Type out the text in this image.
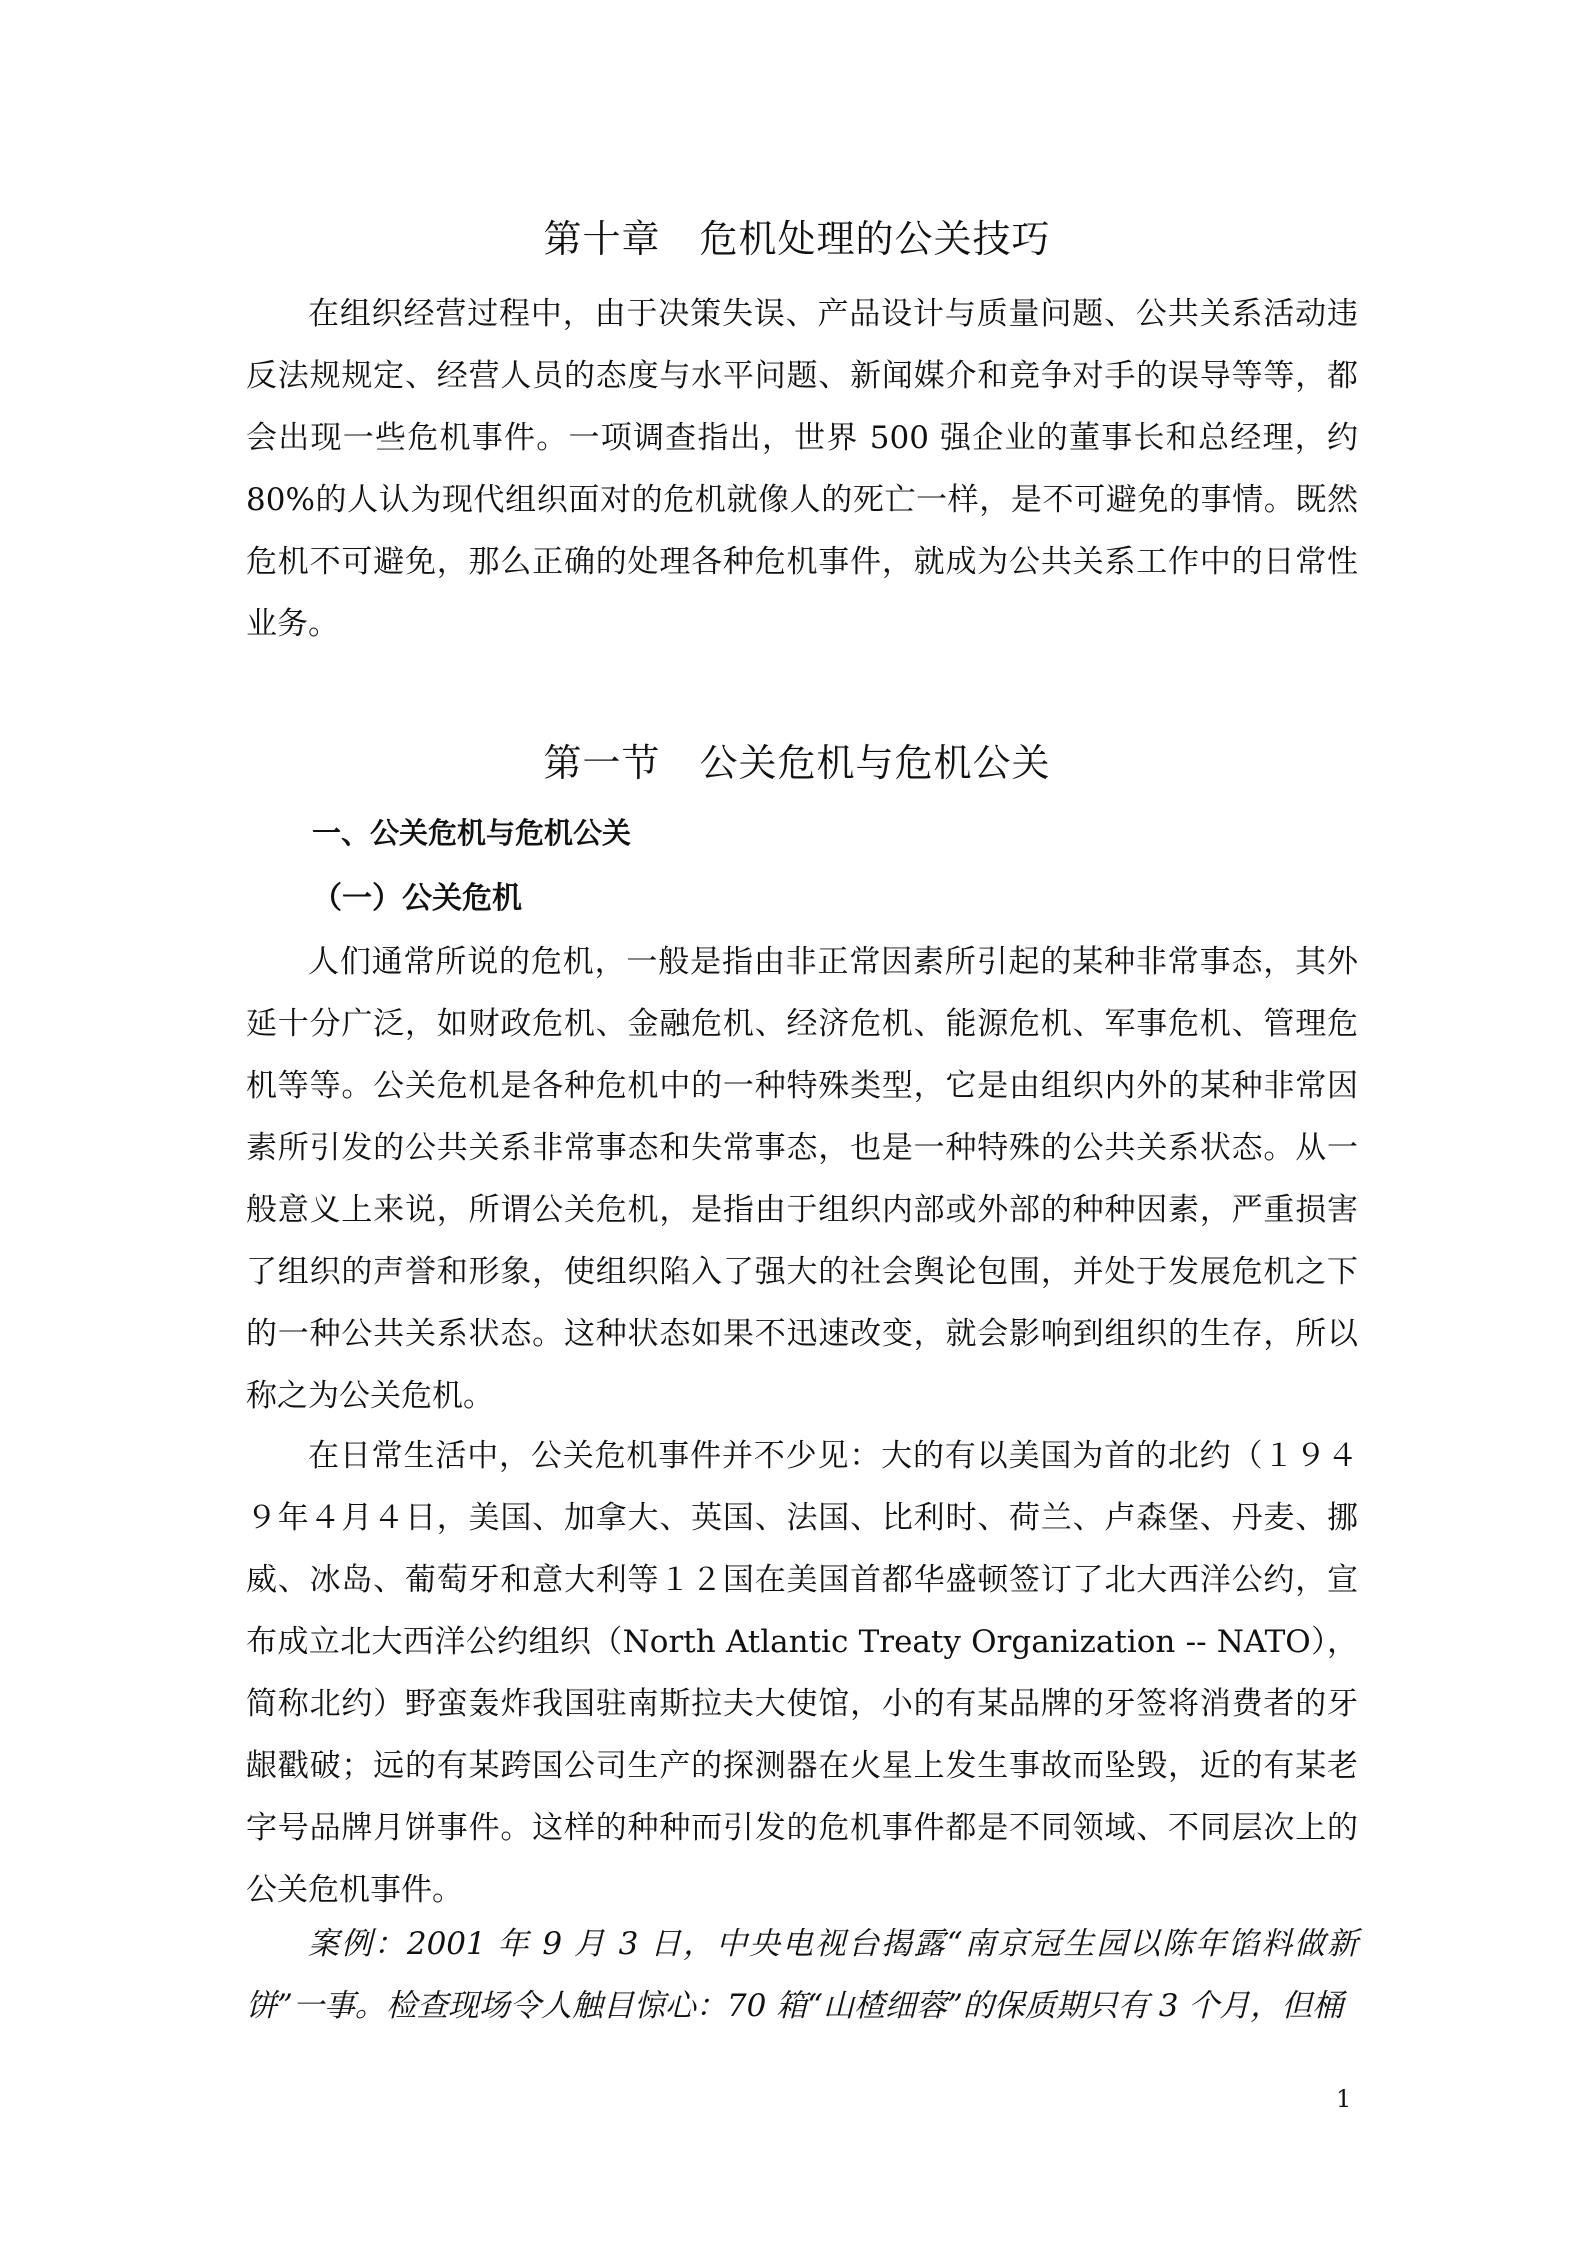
第十章　危机处理的公关技巧

在组织经营过程中，由于决策失误、产品设计与质量问题、公共关系活动违反法规规定、经营人员的态度与水平问题、新闻媒介和竞争对手的误导等等，都会出现一些危机事件。一项调查指出，世界 500 强企业的董事长和总经理，约 80%的人认为现代组织面对的危机就像人的死亡一样，是不可避免的事情。既然危机不可避免，那么正确的处理各种危机事件，就成为公共关系工作中的日常性业务。

第一节　公关危机与危机公关
一、公关危机与危机公关
（一）公关危机

人们通常所说的危机，一般是指由非正常因素所引起的某种非常事态，其外延十分广泛，如财政危机、金融危机、经济危机、能源危机、军事危机、管理危机等等。公关危机是各种危机中的一种特殊类型，它是由组织内外的某种非常因素所引发的公共关系非常事态和失常事态，也是一种特殊的公共关系状态。从一般意义上来说，所谓公关危机，是指由于组织内部或外部的种种因素，严重损害了组织的声誉和形象，使组织陷入了强大的社会舆论包围，并处于发展危机之下的一种公共关系状态。这种状态如果不迅速改变，就会影响到组织的生存，所以称之为公关危机。

在日常生活中，公关危机事件并不少见：大的有以美国为首的北约（１９４９年４月４日，美国、加拿大、英国、法国、比利时、荷兰、卢森堡、丹麦、挪威、冰岛、葡萄牙和意大利等１２国在美国首都华盛顿签订了北大西洋公约，宣布成立北大西洋公约组织（North Atlantic Treaty Organization -- NATO），简称北约）野蛮轰炸我国驻南斯拉夫大使馆，小的有某品牌的牙签将消费者的牙龈戳破；远的有某跨国公司生产的探测器在火星上发生事故而坠毁，近的有某老字号品牌月饼事件。这样的种种而引发的危机事件都是不同领域、不同层次上的公关危机事件。

案例：2001 年 9 月 3 日，中央电视台揭露“南京冠生园以陈年馅料做新饼”一事。检查现场令人触目惊心：70 箱“山楂细蓉”的保质期只有 3 个月，但桶

1
